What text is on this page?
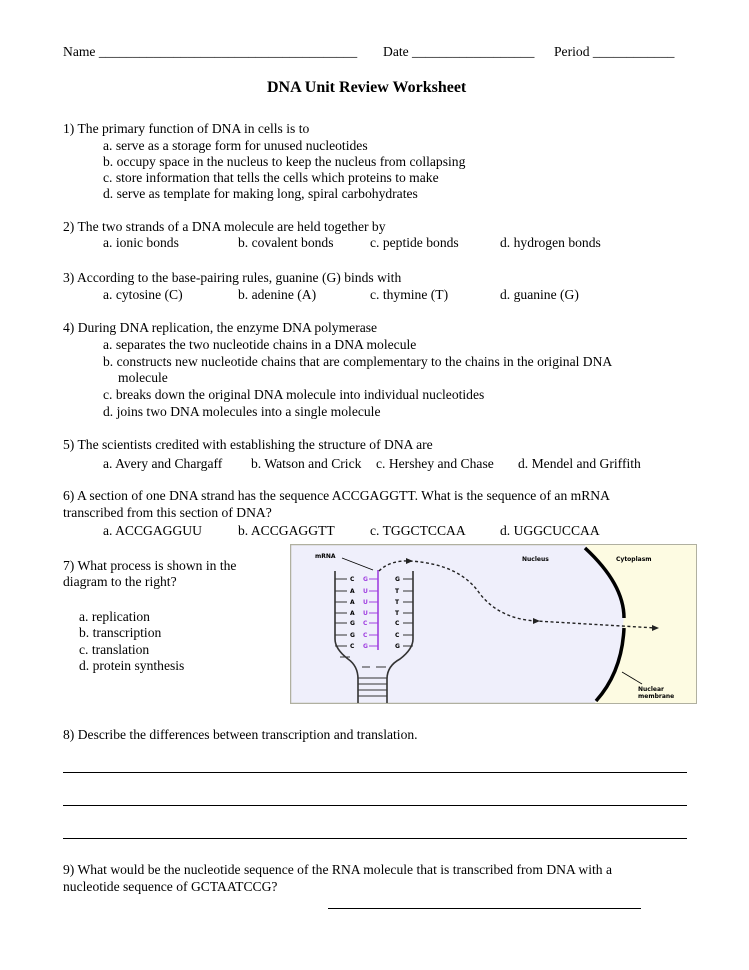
Name ______________________________________ Date __________________ Period ____________
DNA Unit Review Worksheet
1) The primary function of DNA in cells is to
a. serve as a storage form for unused nucleotides
b. occupy space in the nucleus to keep the nucleus from collapsing
c. store information that tells the cells which proteins to make
d. serve as template for making long, spiral carbohydrates
2) The two strands of a DNA molecule are held together by
a. ionic bonds	b. covalent bonds	c. peptide bonds	d. hydrogen bonds
3) According to the base-pairing rules, guanine (G) binds with
a. cytosine (C)	b. adenine (A)	c. thymine (T)	d. guanine (G)
4) During DNA replication, the enzyme DNA polymerase
a. separates the two nucleotide chains in a DNA molecule
b. constructs new nucleotide chains that are complementary to the chains in the original DNA
molecule
c. breaks down the original DNA molecule into individual nucleotides
d. joins two DNA molecules into a single molecule
5) The scientists credited with establishing the structure of DNA are
a. Avery and Chargaff b. Watson and Crick c. Hershey and Chase d. Mendel and Griffith
6) A section of one DNA strand has the sequence ACCGAGGTT. What is the sequence of an mRNA
transcribed from this section of DNA?
a. ACCGAGGUU	b. ACCGAGGTT	c. TGGCTCCAA	d. UGGCUCCAA
7) What process is shown in the
diagram to the right?
a. replication
b. transcription
c. translation
d. protein synthesis
mRNA	Nucleus	Cytoplasm
Nuclear
membrane
C G	G
A U	T
A U	T
A U	T
G C	C
G C	C
C G	G
8) Describe the differences between transcription and translation.
9) What would be the nucleotide sequence of the RNA molecule that is transcribed from DNA with a
nucleotide sequence of GCTAATCCG?
